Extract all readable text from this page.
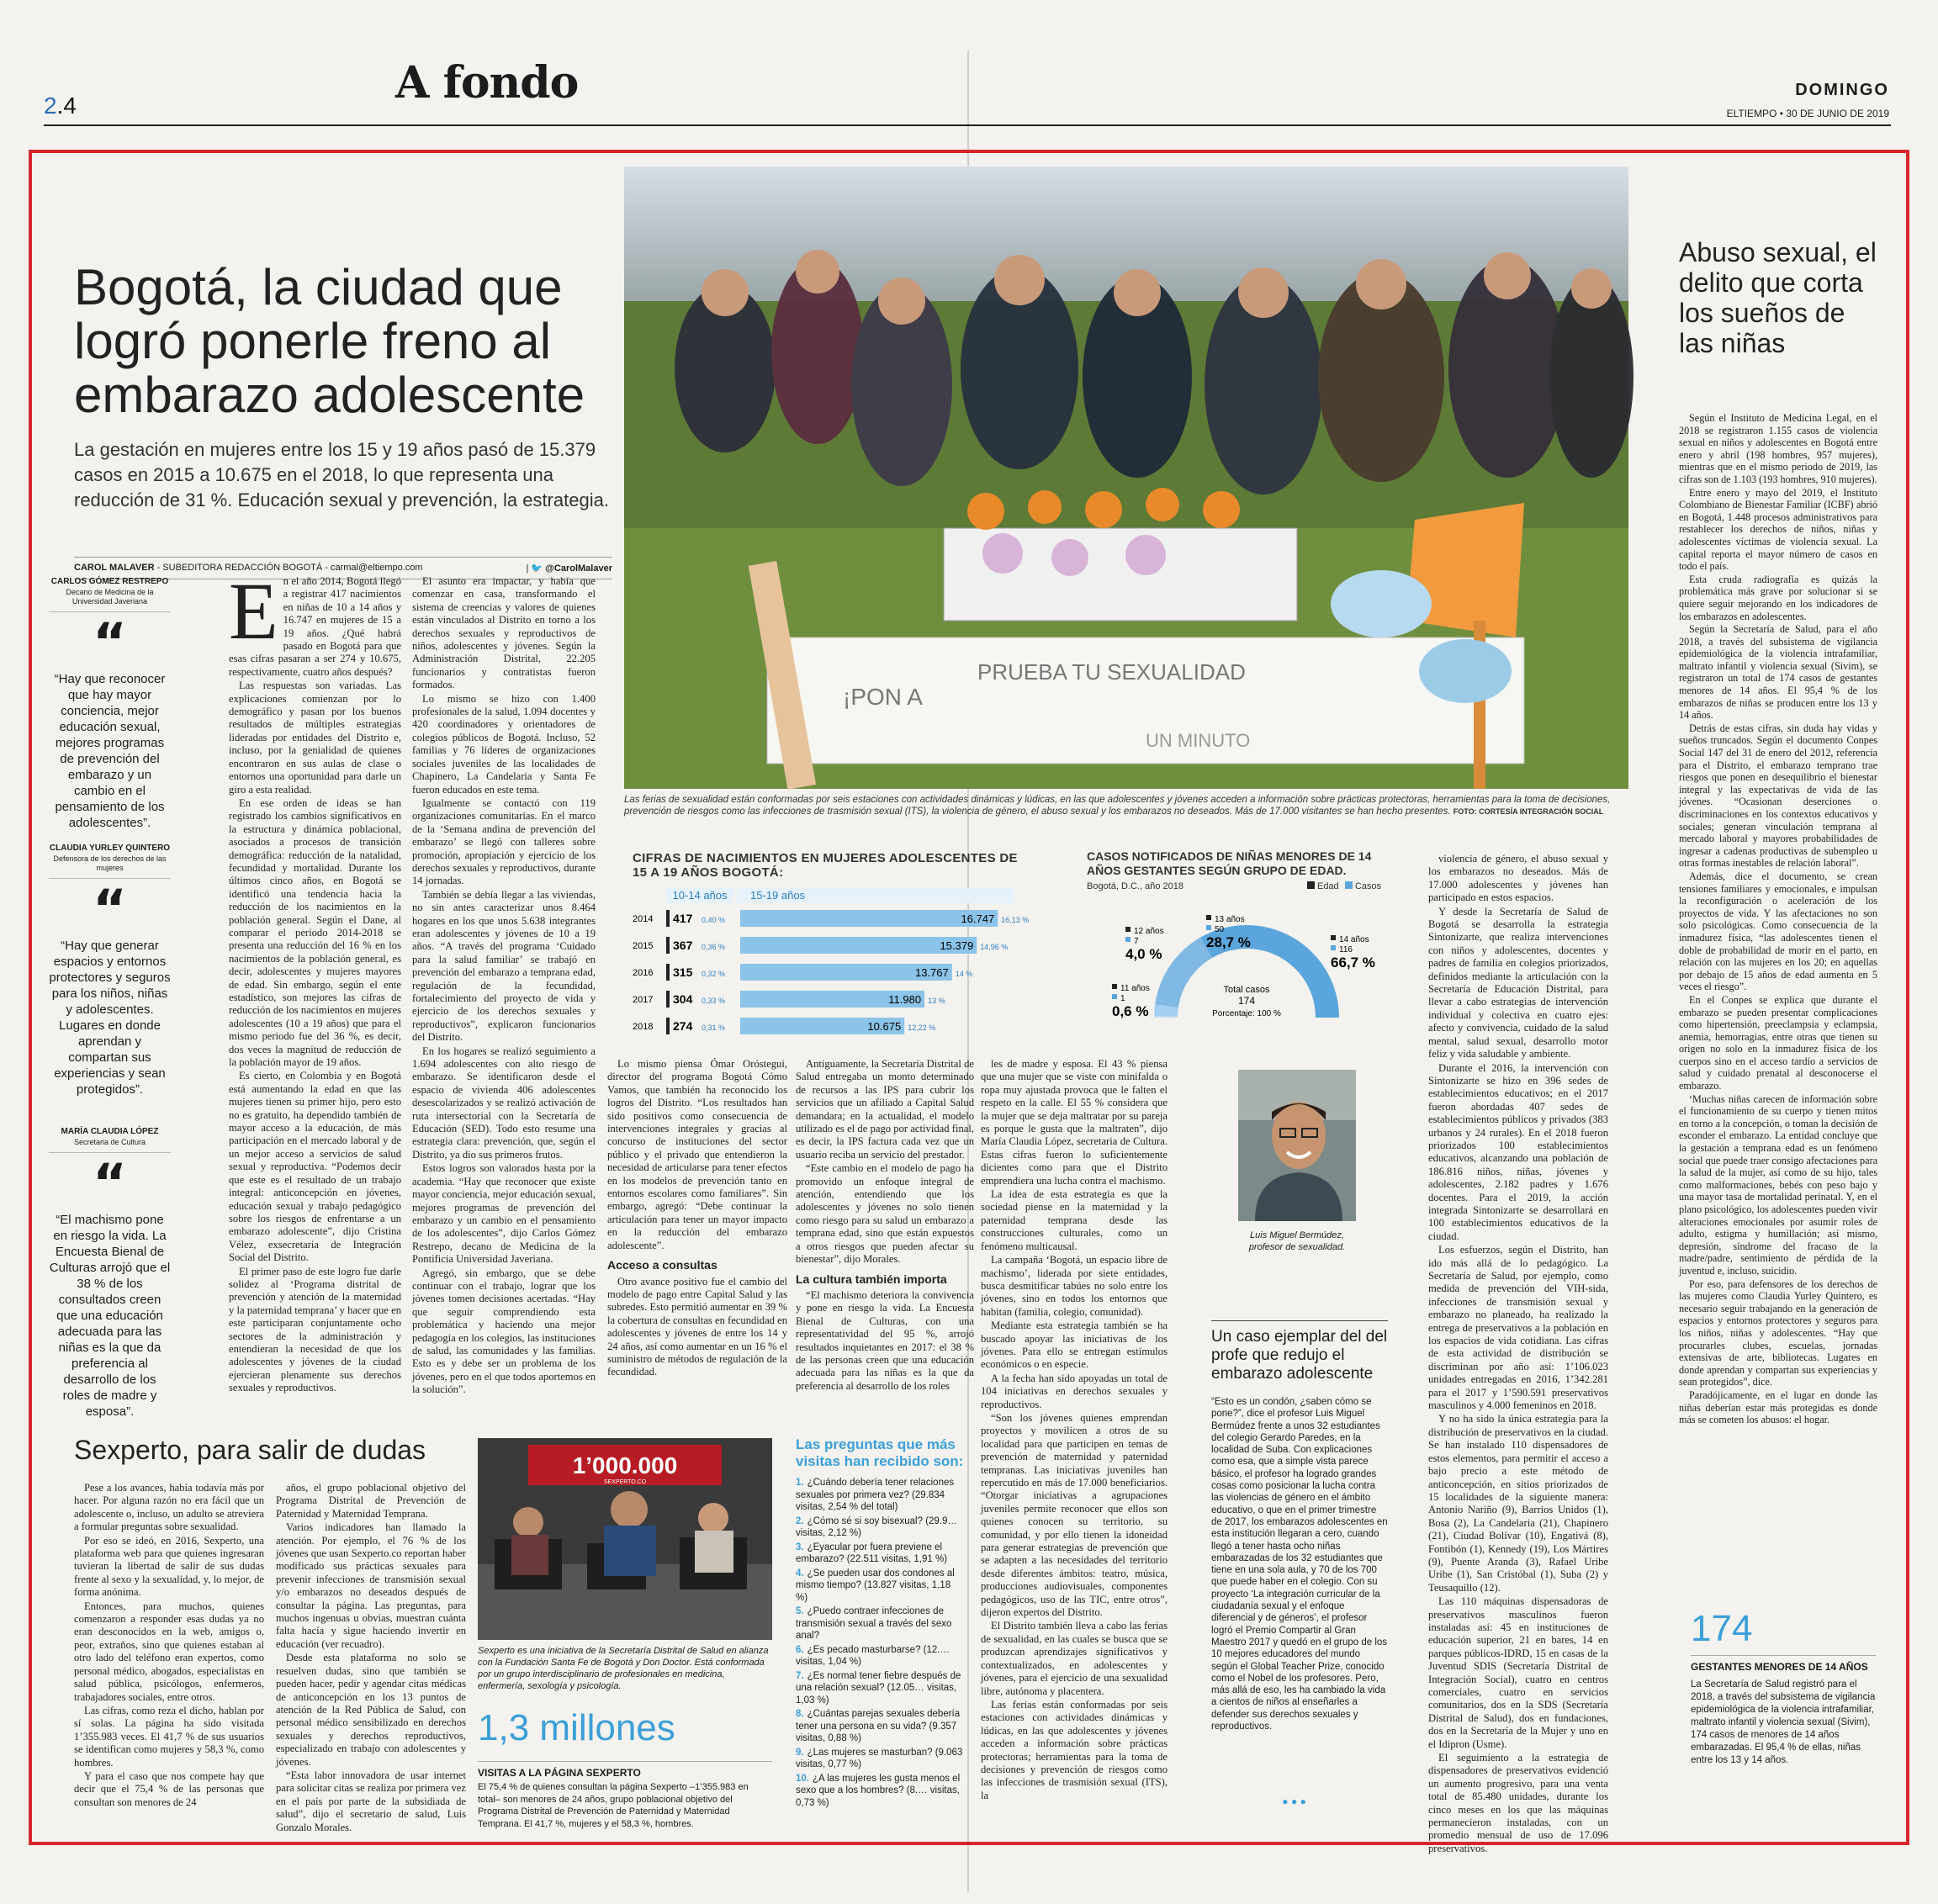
2.4	A fondo	DOMINGO
ELTIEMPO • 30 DE JUNIO DE 2019
Bogotá, la ciudad que logró ponerle freno al embarazo adolescente
La gestación en mujeres entre los 15 y 19 años pasó de 15.379 casos en 2015 a 10.675 en el 2018, lo que representa una reducción de 31 %. Educación sexual y prevención, la estrategia.
CAROL MALAVER - SUBEDITORA REDACCIÓN BOGOTÁ - carmal@eltiempo.com	| 🐦 @CarolMalaver
CARLOS GÓMEZ RESTREPO
Decano de Medicina de la Universidad Javeriana
“
“Hay que reconocer que hay mayor conciencia, mejor educación sexual, mejores programas de prevención del embarazo y un cambio en el pensamiento de los adolescentes”.
CLAUDIA YURLEY QUINTERO
Defensora de los derechos de las mujeres
“
“Hay que generar espacios y entornos protectores y seguros para los niños, niñas y adolescentes. Lugares en donde aprendan y compartan sus experiencias y sean protegidos”.
MARÍA CLAUDIA LÓPEZ
Secretaria de Cultura
“
“El machismo pone en riesgo la vida. La Encuesta Bienal de Culturas arrojó que el 38 % de los consultados creen que una educación adecuada para las niñas es la que da preferencia al desarrollo de los roles de madre y esposa”.

En el año 2014, Bogotá llegó a registrar 417 nacimientos en niñas de 10 a 14 años y 16.747 en mujeres de 15 a 19 años. ¿Qué habrá pasado en Bogotá para que esas cifras pasaran a ser 274 y 10.675, respectivamente, cuatro años después?

Las respuestas son variadas. Las explicaciones comienzan por lo demográfico y pasan por los buenos resultados de múltiples estrategias lideradas por entidades del Distrito e, incluso, por la genialidad de quienes encontraron en sus aulas de clase o entornos una oportunidad para darle un giro a esta realidad.

En ese orden de ideas se han registrado los cambios significativos en la estructura y dinámica poblacional, asociados a procesos de transición demográfica: reducción de la natalidad, fecundidad y mortalidad. Durante los últimos cinco años, en Bogotá se identificó una tendencia hacia la reducción de los nacimientos en la población general. Según el Dane, al comparar el periodo 2014-2018 se presenta una reducción del 16 % en los nacimientos de la población general, es decir, adolescentes y mujeres mayores de edad. Sin embargo, según el ente estadístico, son mejores las cifras de reducción de los nacimientos en mujeres adolescentes (10 a 19 años) que para el mismo periodo fue del 36 %, es decir, dos veces la magnitud de reducción de la población mayor de 19 años.

Es cierto, en Colombia y en Bogotá está aumentando la edad en que las mujeres tienen su primer hijo, pero esto no es gratuito, ha dependido también de mayor acceso a la educación, de más participación en el mercado laboral y de un mejor acceso a servicios de salud sexual y reproductiva. “Podemos decir que este es el resultado de un trabajo integral: anticoncepción en jóvenes, educación sexual y trabajo pedagógico sobre los riesgos de enfrentarse a un embarazo adolescente”, dijo Cristina Vélez, exsecretaria de Integración Social del Distrito.

El primer paso de este logro fue darle solidez al ‘Programa distrital de prevención y atención de la maternidad y la paternidad temprana’ y hacer que en este participaran conjuntamente ocho sectores de la administración y entendieran la necesidad de que los adolescentes y jóvenes de la ciudad ejercieran plenamente sus derechos sexuales y reproductivos.

El asunto era impactar, y había que comenzar en casa, transformando el sistema de creencias y valores de quienes están vinculados al Distrito en torno a los derechos sexuales y reproductivos de niños, adolescentes y jóvenes. Según la Administración Distrital, 22.205 funcionarios y contratistas fueron formados.

Lo mismo se hizo con 1.400 profesionales de la salud, 1.094 docentes y 420 coordinadores y orientadores de colegios públicos de Bogotá. Incluso, 52 familias y 76 líderes de organizaciones sociales juveniles de las localidades de Chapinero, La Candelaria y Santa Fe fueron educados en este tema.

Igualmente se contactó con 119 organizaciones comunitarias. En el marco de la ‘Semana andina de prevención del embarazo’ se llegó con talleres sobre promoción, apropiación y ejercicio de los derechos sexuales y reproductivos, durante 14 jornadas.

También se debía llegar a las viviendas, no sin antes caracterizar unos 8.464 hogares en los que unos 5.638 integrantes eran adolescentes y jóvenes de 10 a 19 años. “A través del programa ‘Cuidado para la salud familiar’ se trabajó en prevención del embarazo a temprana edad, regulación de la fecundidad, fortalecimiento del proyecto de vida y ejercicio de los derechos sexuales y reproductivos”, explicaron funcionarios del Distrito.

En los hogares se realizó seguimiento a 1.694 adolescentes con alto riesgo de embarazo. Se identificaron desde el espacio de vivienda 406 adolescentes desescolarizados y se realizó activación de ruta intersectorial con la Secretaría de Educación (SED). Todo esto resume una estrategia clara: prevención, que, según el Distrito, ya dio sus primeros frutos.

Estos logros son valorados hasta por la academia. “Hay que reconocer que existe mayor conciencia, mejor educación sexual, mejores programas de prevención del embarazo y un cambio en el pensamiento de los adolescentes”, dijo Carlos Gómez Restrepo, decano de Medicina de la Pontificia Universidad Javeriana.

Agregó, sin embargo, que se debe continuar con el trabajo, lograr que los jóvenes tomen decisiones acertadas. “Hay que seguir comprendiendo esta problemática y haciendo una mejor pedagogía en los colegios, las instituciones de salud, las comunidades y las familias. Esto es y debe ser un problema de los jóvenes, pero en el que todos aportemos en la solución”.

Lo mismo piensa Ómar Oróstegui, director del programa Bogotá Cómo Vamos, que también ha reconocido los logros del Distrito. “Los resultados han sido positivos como consecuencia de intervenciones integrales y gracias al concurso de instituciones del sector público y el privado que entendieron la necesidad de articularse para tener efectos en los modelos de prevención tanto en entornos escolares como familiares”. Sin embargo, agregó: “Debe continuar la articulación para tener un mayor impacto en la reducción del embarazo adolescente”.

Acceso a consultas

Otro avance positivo fue el cambio del modelo de pago entre Capital Salud y las subredes. Esto permitió aumentar en 39 % la cobertura de consultas en fecundidad en adolescentes y jóvenes de entre los 14 y 24 años, así como aumentar en un 16 % el suministro de métodos de regulación de la fecundidad.

Antiguamente, la Secretaría Distrital de Salud entregaba un monto determinado de recursos a las IPS para cubrir los servicios que un afiliado a Capital Salud demandara; en la actualidad, el modelo utilizado es el de pago por actividad final, es decir, la IPS factura cada vez que un usuario reciba un servicio del prestador.

“Este cambio en el modelo de pago ha promovido un enfoque integral de atención, entendiendo que los adolescentes y jóvenes no solo tienen como riesgo para su salud un embarazo a temprana edad, sino que están expuestos a otros riesgos que pueden afectar su bienestar”, dijo Morales.

La cultura también importa

“El machismo deteriora la convivencia y pone en riesgo la vida. La Encuesta Bienal de Culturas, con una representatividad del 95 %, arrojó resultados inquietantes en 2017: el 38 % de las personas creen que una educación adecuada para las niñas es la que da preferencia al desarrollo de los roles

les de madre y esposa. El 43 % piensa que una mujer que se viste con minifalda o ropa muy ajustada provoca que le falten el respeto en la calle. El 55 % considera que la mujer que se deja maltratar por su pareja es porque le gusta que la maltraten”, dijo María Claudia López, secretaria de Cultura. Estas cifras fueron lo suficientemente dicientes como para que el Distrito emprendiera una lucha contra el machismo.

La idea de esta estrategia es que la sociedad piense en la maternidad y la paternidad temprana desde las construcciones culturales, como un fenómeno multicausal.

La campaña ‘Bogotá, un espacio libre de machismo’, liderada por siete entidades, busca desmitificar tabúes no solo entre los jóvenes, sino en todos los entornos que habitan (familia, colegio, comunidad).

Mediante esta estrategia también se ha buscado apoyar las iniciativas de los jóvenes. Para ello se entregan estímulos económicos o en especie.

A la fecha han sido apoyadas un total de 104 iniciativas en derechos sexuales y reproductivos.

“Son los jóvenes quienes emprendan proyectos y movilicen a otros de su localidad para que participen en temas de prevención de maternidad y paternidad tempranas. Las iniciativas juveniles han repercutido en más de 17.000 beneficiarios. “Otorgar iniciativas a agrupaciones juveniles permite reconocer que ellos son quienes conocen su territorio, su comunidad, y por ello tienen la idoneidad para generar estrategias de prevención que se adapten a las necesidades del territorio desde diferentes ámbitos: teatro, música, producciones audiovisuales, componentes pedagógicos, uso de las TIC, entre otros”, dijeron expertos del Distrito.

El Distrito también lleva a cabo las ferias de sexualidad, en las cuales se busca que se produzcan aprendizajes significativos y contextualizados, en adolescentes y jóvenes, para el ejercicio de una sexualidad libre, autónoma y placentera.

Las ferias están conformadas por seis estaciones con actividades dinámicas y lúdicas, en las que adolescentes y jóvenes acceden a información sobre prácticas protectoras; herramientas para la toma de decisiones y prevención de riesgos como las infecciones de trasmisión sexual (ITS), la

violencia de género, el abuso sexual y los embarazos no deseados. Más de 17.000 adolescentes y jóvenes han participado en estos espacios.

Y desde la Secretaría de Salud de Bogotá se desarrolla la estrategia Sintonizarte, que realiza intervenciones con niños y adolescentes, docentes y padres de familia en colegios priorizados, definidos mediante la articulación con la Secretaría de Educación Distrital, para llevar a cabo estrategias de intervención individual y colectiva en cuatro ejes: afecto y convivencia, cuidado de la salud mental, salud sexual, desarrollo motor feliz y vida saludable y ambiente.

Durante el 2016, la intervención con Sintonizarte se hizo en 396 sedes de establecimientos educativos; en el 2017 fueron abordadas 407 sedes de establecimientos públicos y privados (383 urbanos y 24 rurales). En el 2018 fueron priorizados 100 establecimientos educativos, alcanzando una población de 186.816 niños, niñas, jóvenes y adolescentes, 2.182 padres y 1.676 docentes. Para el 2019, la acción integrada Sintonizarte se desarrollará en 100 establecimientos educativos de la ciudad.

Los esfuerzos, según el Distrito, han ido más allá de lo pedagógico. La Secretaría de Salud, por ejemplo, como medida de prevención del VIH-sida, infecciones de transmisión sexual y embarazo no planeado, ha realizado la entrega de preservativos a la población en los espacios de vida cotidiana. Las cifras de esta actividad de distribución se discriminan por año así: 1’106.023 unidades entregadas en 2016, 1’342.281 para el 2017 y 1’590.591 preservativos masculinos y 4.000 femeninos en 2018.

Y no ha sido la única estrategia para la distribución de preservativos en la ciudad. Se han instalado 110 dispensadores de estos elementos, para permitir el acceso a bajo precio a este método de anticoncepción, en sitios priorizados de 15 localidades de la siguiente manera: Antonio Nariño (9), Barrios Unidos (1), Bosa (2), La Candelaria (21), Chapinero (21), Ciudad Bolívar (10), Engativá (8), Fontibón (1), Kennedy (19), Los Mártires (9), Puente Aranda (3), Rafael Uribe Uribe (1), San Cristóbal (1), Suba (2) y Teusaquillo (12).

Las 110 máquinas dispensadoras de preservativos masculinos fueron instaladas así: 45 en instituciones de educación superior, 21 en bares, 14 en parques públicos-IDRD, 15 en casas de la Juventud SDIS (Secretaría Distrital de Integración Social), cuatro en centros comerciales, cuatro en servicios comunitarios, dos en la SDS (Secretaría Distrital de Salud), dos en fundaciones, dos en la Secretaría de la Mujer y uno en el Idipron (Usme).

El seguimiento a la estrategia de dispensadores de preservativos evidenció un aumento progresivo, para una venta total de 85.480 unidades, durante los cinco meses en los que las máquinas permanecieron instaladas, con un promedio mensual de uso de 17.096 preservativos.

¡PON A
PRUEBA TU SEXUALIDAD
UN MINUTO
Las ferias de sexualidad están conformadas por seis estaciones con actividades dinámicas y lúdicas, en las que adolescentes y jóvenes acceden a información sobre prácticas protectoras, herramientas para la toma de decisiones, prevención de riesgos como las infecciones de trasmisión sexual (ITS), la violencia de género, el abuso sexual y los embarazos no deseados. Más de 17.000 visitantes se han hecho presentes. FOTO: CORTESÍA INTEGRACIÓN SOCIAL
CIFRAS DE NACIMIENTOS EN MUJERES ADOLESCENTES DE 15 A 19 AÑOS BOGOTÁ:
10-14 años 15-19 años
2014 417 0,40 %	16.747 16,13 %
2015 367 0,36 %	15.379 14,96 %
2016 315 0,32 %	13.767 14 %
2017 304 0,33 %	11.980 13 %
2018 274 0,31 %	10.675 12,22 %
CASOS NOTIFICADOS DE NIÑAS MENORES DE 14 AÑOS GESTANTES SEGÚN GRUPO DE EDAD.
Bogotá, D.C., año 2018	Edad Casos
11 años
1
0,6 %
12 años
7
4,0 %
13 años
50
28,7 %	14 años
116
66,7 %
Total casos
174
Porcentaje: 100 %
Abuso sexual, el delito que corta los sueños de las niñas

Según el Instituto de Medicina Legal, en el 2018 se registraron 1.155 casos de violencia sexual en niños y adolescentes en Bogotá entre enero y abril (198 hombres, 957 mujeres), mientras que en el mismo periodo de 2019, las cifras son de 1.103 (193 hombres, 910 mujeres).

Entre enero y mayo del 2019, el Instituto Colombiano de Bienestar Familiar (ICBF) abrió en Bogotá, 1.448 procesos administrativos para restablecer los derechos de niños, niñas y adolescentes víctimas de violencia sexual. La capital reporta el mayor número de casos en todo el país.

Esta cruda radiografía es quizás la problemática más grave por solucionar si se quiere seguir mejorando en los indicadores de los embarazos en adolescentes.

Según la Secretaría de Salud, para el año 2018, a través del subsistema de vigilancia epidemiológica de la violencia intrafamiliar, maltrato infantil y violencia sexual (Sivim), se registraron un total de 174 casos de gestantes menores de 14 años. El 95,4 % de los embarazos de niñas se producen entre los 13 y 14 años.

Detrás de estas cifras, sin duda hay vidas y sueños truncados. Según el documento Conpes Social 147 del 31 de enero del 2012, referencia para el Distrito, el embarazo temprano trae riesgos que ponen en desequilibrio el bienestar integral y las expectativas de vida de las jóvenes. “Ocasionan deserciones o discriminaciones en los contextos educativos y sociales; generan vinculación temprana al mercado laboral y mayores probabilidades de ingresar a cadenas productivas de subempleo u otras formas inestables de relación laboral”.

Además, dice el documento, se crean tensiones familiares y emocionales, e impulsan la reconfiguración o aceleración de los proyectos de vida. Y las afectaciones no son solo psicológicas. Como consecuencia de la inmadurez física, “las adolescentes tienen el doble de probabilidad de morir en el parto, en relación con las mujeres en los 20; en aquellas por debajo de 15 años de edad aumenta en 5 veces el riesgo”.

En el Conpes se explica que durante el embarazo se pueden presentar complicaciones como hipertensión, preeclampsia y eclampsia, anemia, hemorragias, entre otras que tienen su origen no solo en la inmadurez física de los cuerpos sino en el acceso tardío a servicios de salud y cuidado prenatal al desconocerse el embarazo.

‘Muchas niñas carecen de información sobre el funcionamiento de su cuerpo y tienen mitos en torno a la concepción, o toman la decisión de esconder el embarazo. La entidad concluye que la gestación a temprana edad es un fenómeno social que puede traer consigo afectaciones para la salud de la mujer, así como de su hijo, tales como malformaciones, bebés con peso bajo y una mayor tasa de mortalidad perinatal. Y, en el plano psicológico, los adolescentes pueden vivir alteraciones emocionales por asumir roles de adulto, estigma y humillación; así mismo, depresión, síndrome del fracaso de la madre/padre, sentimiento de pérdida de la juventud e, incluso, suicidio.

Por eso, para defensores de los derechos de las mujeres como Claudia Yurley Quintero, es necesario seguir trabajando en la generación de espacios y entornos protectores y seguros para los niños, niñas y adolescentes. “Hay que procurarles clubes, escuelas, jornadas extensivas de arte, bibliotecas. Lugares en donde aprendan y compartan sus experiencias y sean protegidos”, dice.

Paradójicamente, en el lugar en donde las niñas deberían estar más protegidas es donde más se cometen los abusos: el hogar.

174
GESTANTES MENORES DE 14 AÑOS
La Secretaría de Salud registró para el 2018, a través del subsistema de vigilancia epidemiológica de la violencia intrafamiliar, maltrato infantil y violencia sexual (Sivim), 174 casos de menores de 14 años embarazadas. El 95,4 % de ellas, niñas entre los 13 y 14 años.
Sexperto, para salir de dudas

Pese a los avances, había todavía más por hacer. Por alguna razón no era fácil que un adolescente o, incluso, un adulto se atreviera a formular preguntas sobre sexualidad.

Por eso se ideó, en 2016, Sexperto, una plataforma web para que quienes ingresaran tuvieran la libertad de salir de sus dudas frente al sexo y la sexualidad, y, lo mejor, de forma anónima.

Entonces, para muchos, quienes comenzaron a responder esas dudas ya no eran desconocidos en la web, amigos o, peor, extraños, sino que quienes estaban al otro lado del teléfono eran expertos, como personal médico, abogados, especialistas en salud pública, psicólogos, enfermeros, trabajadores sociales, entre otros.

Las cifras, como reza el dicho, hablan por sí solas. La página ha sido visitada 1’355.983 veces. El 41,7 % de sus usuarios se identifican como mujeres y 58,3 %, como hombres.

Y para el caso que nos compete hay que decir que el 75,4 % de las personas que consultan son menores de 24

años, el grupo poblacional objetivo del Programa Distrital de Prevención de Paternidad y Maternidad Temprana.

Varios indicadores han llamado la atención. Por ejemplo, el 76 % de los jóvenes que usan Sexperto.co reportan haber modificado sus prácticas sexuales para prevenir infecciones de transmisión sexual y/o embarazos no deseados después de consultar la página. Las preguntas, para muchos ingenuas u obvias, muestran cuánta falta hacía y sigue haciendo invertir en educación (ver recuadro).

Desde esta plataforma no solo se resuelven dudas, sino que también se pueden hacer, pedir y agendar citas médicas de anticoncepción en los 13 puntos de atención de la Red Pública de Salud, con personal médico sensibilizado en derechos sexuales y derechos reproductivos, especializado en trabajo con adolescentes y jóvenes.

“Esta labor innovadora de usar internet para solicitar citas se realiza por primera vez en el país por parte de la subsidiada de salud”, dijo el secretario de salud, Luis Gonzalo Morales.

1’000.000
SEXPERTO.CO
Sexperto es una iniciativa de la Secretaría Distrital de Salud en alianza con la Fundación Santa Fe de Bogotá y Don Doctor. Está conformada por un grupo interdisciplinario de profesionales en medicina, enfermería, sexología y psicología.
1,3 millones
VISITAS A LA PÁGINA SEXPERTO
El 75,4 % de quienes consultan la página Sexperto –1’355.983 en total– son menores de 24 años, grupo poblacional objetivo del Programa Distrital de Prevención de Paternidad y Maternidad Temprana. El 41,7 %, mujeres y el 58,3 %, hombres.
Las preguntas que más visitas han recibido son:
1. ¿Cuándo debería tener relaciones sexuales por primera vez? (29.834 visitas, 2,54 % del total)
2. ¿Cómo sé si soy bisexual? (29.9… visitas, 2,12 %)
3. ¿Eyacular por fuera previene el embarazo? (22.511 visitas, 1,91 %)
4. ¿Se pueden usar dos condones al mismo tiempo? (13.827 visitas, 1,18 %)
5. ¿Puedo contraer infecciones de transmisión sexual a través del sexo anal?
6. ¿Es pecado masturbarse? (12.… visitas, 1,04 %)
7. ¿Es normal tener fiebre después de una relación sexual? (12.05… visitas, 1,03 %)
8. ¿Cuántas parejas sexuales debería tener una persona en su vida? (9.357 visitas, 0,88 %)
9. ¿Las mujeres se masturban? (9.063 visitas, 0,77 %)
10. ¿A las mujeres les gusta menos el sexo que a los hombres? (8.… visitas, 0,73 %)
Luis Miguel Bermúdez, profesor de sexualidad.
Un caso ejemplar del del profe que redujo el embarazo adolescente
“Esto es un condón, ¿saben cómo se pone?”, dice el profesor Luis Miguel Bermúdez frente a unos 32 estudiantes del colegio Gerardo Paredes, en la localidad de Suba. Con explicaciones como esa, que a simple vista parece básico, el profesor ha logrado grandes cosas como posicionar la lucha contra las violencias de género en el ámbito educativo, o que en el primer trimestre de 2017, los embarazos adolescentes en esta institución llegaran a cero, cuando llegó a tener hasta ocho niñas embarazadas de los 32 estudiantes que tiene en una sola aula, y 70 de los 700 que puede haber en el colegio. Con su proyecto ‘La integración curricular de la ciudadanía sexual y el enfoque diferencial y de géneros’, el profesor logró el Premio Compartir al Gran Maestro 2017 y quedó en el grupo de los 10 mejores educadores del mundo según el Global Teacher Prize, conocido como el Nobel de los profesores. Pero, más allá de eso, les ha cambiado la vida a cientos de niños al enseñarles a defender sus derechos sexuales y reproductivos.
•••
